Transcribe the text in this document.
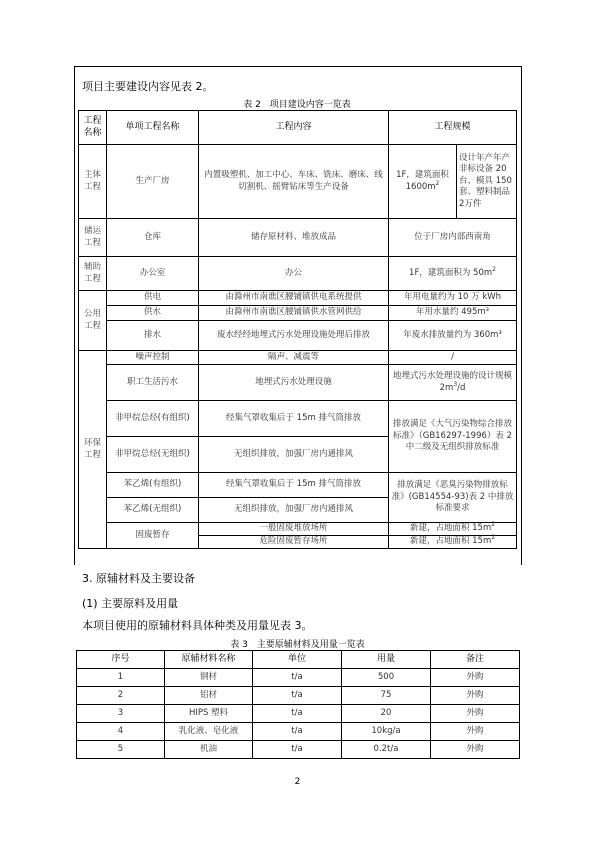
项目主要建设内容见表 2。
表 2　项目建设内容一览表
工程名称	单项工程名称	工程内容	工程规模	
主体工程	生产厂房	内置吸塑机、加工中心、车床、铣床、磨床、线切割机、摇臂钻床等生产设备	1F，建筑面积 $1600m^2$	设计年产年产非标设备 20台、模具 150套、塑料制品 2万件
储运工程	仓库	储存原材料、堆放成品	位于厂房内部西南角	
辅助工程	办公室	办公	1F，建筑面积为 $50m^2$
公用工程	供电	由滁州市南谯区腰铺镇供电系统提供	年用电量约为 10 万 kWh	
	供水	由滁州市南谯区腰铺镇供水管网供给	年用水量约 495m³	
	排水	废水经经地埋式污水处理设施处理后排放	年废水排放量约为 360m³	
环保工程	噪声控制	隔声、减震等	/	
	职工生活污水	地埋式污水处理设施	地埋式污水处理设施的设计规模 $2m^3/d$	
	非甲烷总烃(有组织)	经集气罩收集后于 15m 排气筒排放	排放满足《大气污染物综合排放标准》（GB16297-1996）表 2 中二级及无组织排放标准	
	非甲烷总烃(无组织)	无组织排放，加强厂房内通排风		
	苯乙烯(有组织)	经集气罩收集后于 15m 排气筒排放	排放满足《恶臭污染物排放标准》(GB14554-93)表 2 中排放标准要求	
	苯乙烯(无组织)	无组织排放，加强厂房内通排风		
	固废暂存	一般固废堆放场所	新建，占地面积 $15m^2$
		危险固废暂存场所	新建，占地面积 $15m^2$
3. 原辅材料及主要设备
(1) 主要原料及用量
本项目使用的原辅材料具体种类及用量见表 3。
表 3　主要原辅材料及用量一览表
序号	原辅材料名称	单位	用量	备注
1	钢材	t/a	500	外购
2	铝材	t/a	75	外购
3	HIPS 塑料	t/a	20	外购
4	乳化液、皂化液	t/a	10kg/a	外购
5	机油	t/a	0.2t/a	外购
2
